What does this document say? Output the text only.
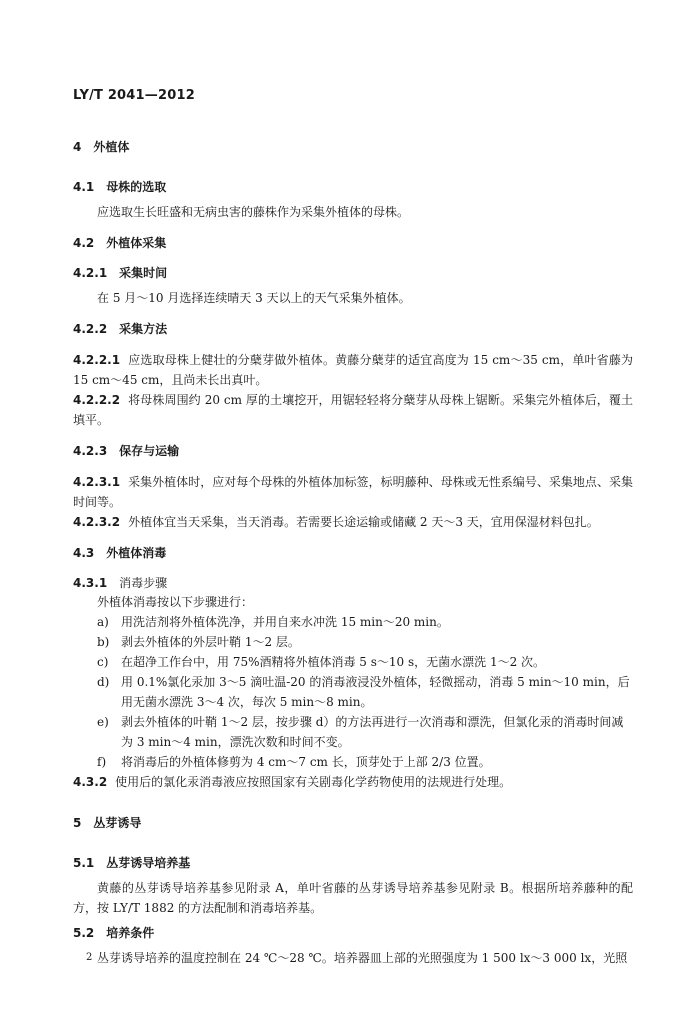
LY/T 2041—2012
4 外植体
4.1 母株的选取
应选取生长旺盛和无病虫害的藤株作为采集外植体的母株。
4.2 外植体采集
4.2.1 采集时间
在 5 月～10 月选择连续晴天 3 天以上的天气采集外植体。
4.2.2 采集方法
4.2.2.1 应选取母株上健壮的分蘖芽做外植体。黄藤分蘖芽的适宜高度为 15 cm～35 cm，单叶省藤为 15 cm～45 cm，且尚未长出真叶。
4.2.2.2 将母株周围约 20 cm 厚的土壤挖开，用锯轻轻将分蘖芽从母株上锯断。采集完外植体后，覆土填平。
4.2.3 保存与运输
4.2.3.1 采集外植体时，应对每个母株的外植体加标签，标明藤种、母株或无性系编号、采集地点、采集时间等。
4.2.3.2 外植体宜当天采集，当天消毒。若需要长途运输或储藏 2 天～3 天，宜用保湿材料包扎。
4.3 外植体消毒
4.3.1 消毒步骤
外植体消毒按以下步骤进行：
a) 用洗洁剂将外植体洗净，并用自来水冲洗 15 min～20 min。
b) 剥去外植体的外层叶鞘 1～2 层。
c) 在超净工作台中，用 75%酒精将外植体消毒 5 s～10 s，无菌水漂洗 1～2 次。
d) 用 0.1%氯化汞加 3～5 滴吐温-20 的消毒液浸没外植体，轻微摇动，消毒 5 min～10 min，后用无菌水漂洗 3～4 次，每次 5 min～8 min。
e) 剥去外植体的叶鞘 1～2 层，按步骤 d）的方法再进行一次消毒和漂洗，但氯化汞的消毒时间减为 3 min～4 min，漂洗次数和时间不变。
f) 将消毒后的外植体修剪为 4 cm～7 cm 长，顶芽处于上部 2/3 位置。
4.3.2 使用后的氯化汞消毒液应按照国家有关剧毒化学药物使用的法规进行处理。
5 丛芽诱导
5.1 丛芽诱导培养基
黄藤的丛芽诱导培养基参见附录 A，单叶省藤的丛芽诱导培养基参见附录 B。根据所培养藤种的配方，按 LY/T 1882 的方法配制和消毒培养基。
5.2 培养条件
丛芽诱导培养的温度控制在 24 ℃～28 ℃。培养器皿上部的光照强度为 1 500 lx～3 000 lx，光照
2
